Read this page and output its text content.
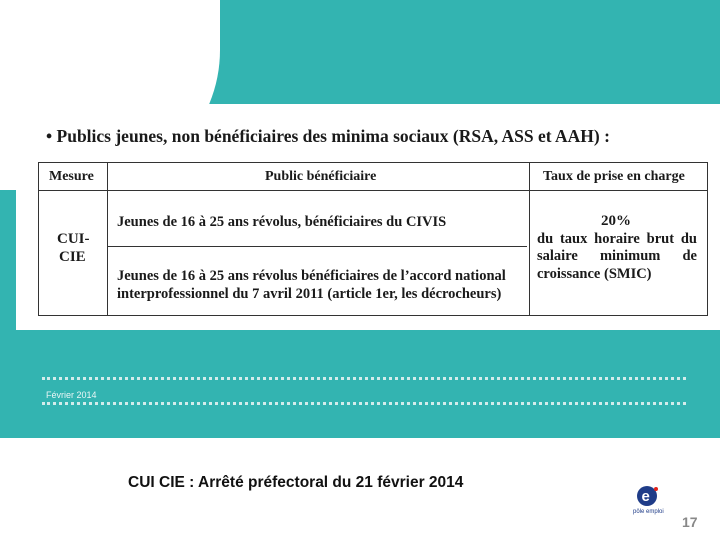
• Publics jeunes, non bénéficiaires des minima sociaux (RSA, ASS et AAH) :
Mesure	Public bénéficiaire	Taux de prise en charge
CUI-
CIE
Jeunes de 16 à 25 ans révolus, bénéficiaires du CIVIS
Jeunes de 16 à 25 ans révolus bénéficiaires de l’accord national interprofessionnel du 7 avril 2011 (article 1er, les décrocheurs)
20%
du taux horaire brut du
salaire minimum de
croissance (SMIC)
Février 2014
CUI CIE : Arrêté préfectoral du 21 février 2014
e
pôle emploi
17
